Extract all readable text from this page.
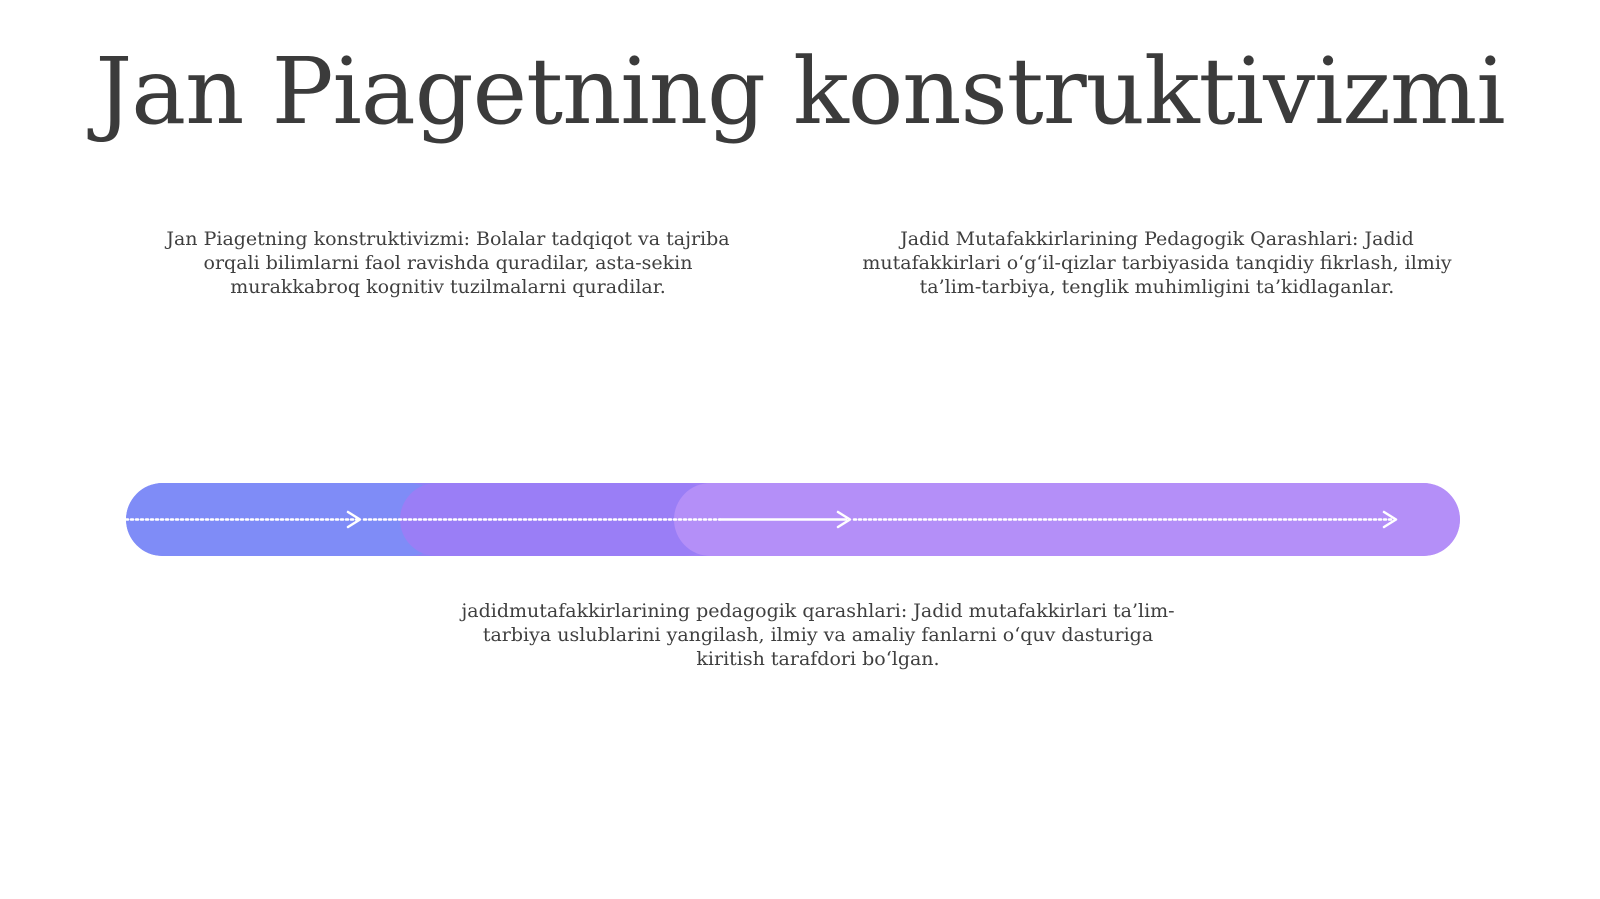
Jan Piagetning konstruktivizmi
Jan Piagetning konstruktivizmi: Bolalar tadqiqot va tajriba orqali bilimlarni faol ravishda quradilar, asta-sekin murakkabroq kognitiv tuzilmalarni quradilar.
Jadid Mutafakkirlarining Pedagogik Qarashlari: Jadid mutafakkirlari o‘g‘il-qizlar tarbiyasida tanqidiy fikrlash, ilmiy ta’lim-tarbiya, tenglik muhimligini ta’kidlaganlar.
jadidmutafakkirlarining pedagogik qarashlari: Jadid mutafakkirlari ta’lim-tarbiya uslublarini yangilash, ilmiy va amaliy fanlarni o‘quv dasturiga kiritish tarafdori bo‘lgan.
